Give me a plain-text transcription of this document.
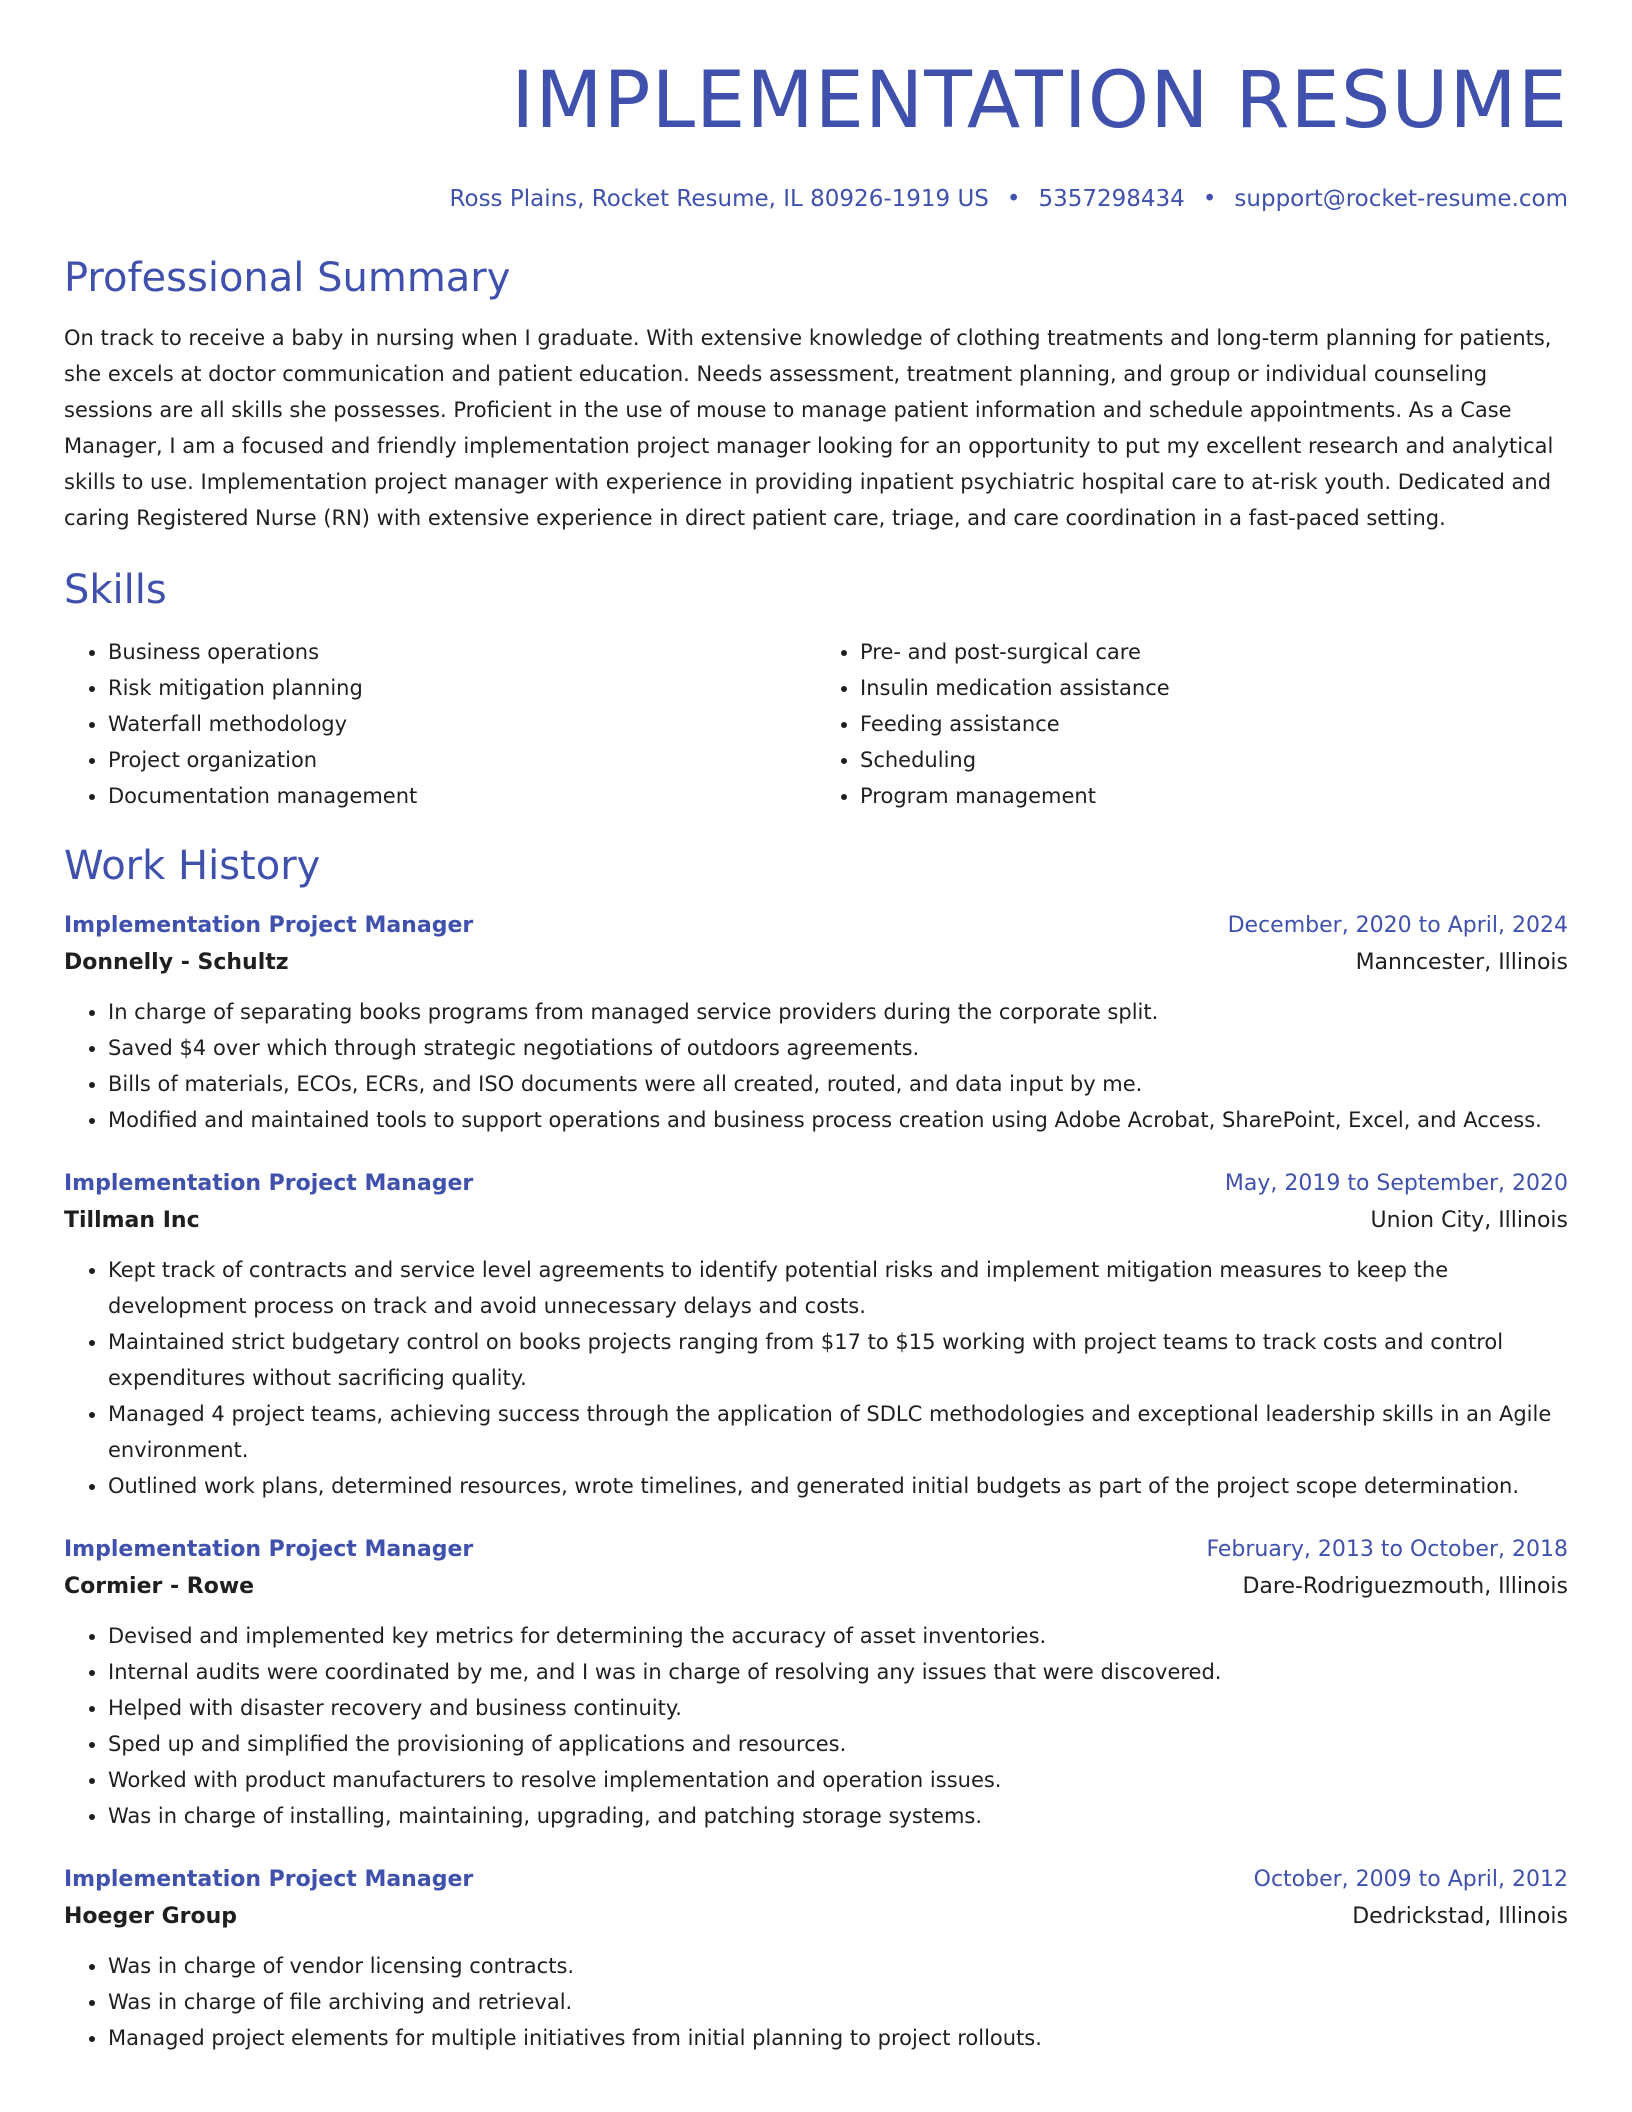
IMPLEMENTATION RESUME
Ross Plains, Rocket Resume, IL 80926-1919 US • 5357298434 • support@rocket-resume.com
Professional Summary

On track to receive a baby in nursing when I graduate. With extensive knowledge of clothing treatments and long-term planning for patients, she excels at doctor communication and patient education. Needs assessment, treatment planning, and group or individual counseling sessions are all skills she possesses. Proficient in the use of mouse to manage patient information and schedule appointments. As a Case Manager, I am a focused and friendly implementation project manager looking for an opportunity to put my excellent research and analytical skills to use. Implementation project manager with experience in providing inpatient psychiatric hospital care to at-risk youth. Dedicated and caring Registered Nurse (RN) with extensive experience in direct patient care, triage, and care coordination in a fast-paced setting.

Skills
• Business operations
• Risk mitigation planning
• Waterfall methodology
• Project organization
• Documentation management
• Pre- and post-surgical care
• Insulin medication assistance
• Feeding assistance
• Scheduling
• Program management
Work History
Implementation Project Manager	December, 2020 to April, 2024
Donnelly - Schultz	Manncester, Illinois
• In charge of separating books programs from managed service providers during the corporate split.
• Saved $4 over which through strategic negotiations of outdoors agreements.
• Bills of materials, ECOs, ECRs, and ISO documents were all created, routed, and data input by me.
• Modified and maintained tools to support operations and business process creation using Adobe Acrobat, SharePoint, Excel, and Access.
Implementation Project Manager	May, 2019 to September, 2020
Tillman Inc	Union City, Illinois
• Kept track of contracts and service level agreements to identify potential risks and implement mitigation measures to keep the development process on track and avoid unnecessary delays and costs.
• Maintained strict budgetary control on books projects ranging from $17 to $15 working with project teams to track costs and control expenditures without sacrificing quality.
• Managed 4 project teams, achieving success through the application of SDLC methodologies and exceptional leadership skills in an Agile environment.
• Outlined work plans, determined resources, wrote timelines, and generated initial budgets as part of the project scope determination.
Implementation Project Manager	February, 2013 to October, 2018
Cormier - Rowe	Dare-Rodriguezmouth, Illinois
• Devised and implemented key metrics for determining the accuracy of asset inventories.
• Internal audits were coordinated by me, and I was in charge of resolving any issues that were discovered.
• Helped with disaster recovery and business continuity.
• Sped up and simplified the provisioning of applications and resources.
• Worked with product manufacturers to resolve implementation and operation issues.
• Was in charge of installing, maintaining, upgrading, and patching storage systems.
Implementation Project Manager	October, 2009 to April, 2012
Hoeger Group	Dedrickstad, Illinois
• Was in charge of vendor licensing contracts.
• Was in charge of file archiving and retrieval.
• Managed project elements for multiple initiatives from initial planning to project rollouts.
